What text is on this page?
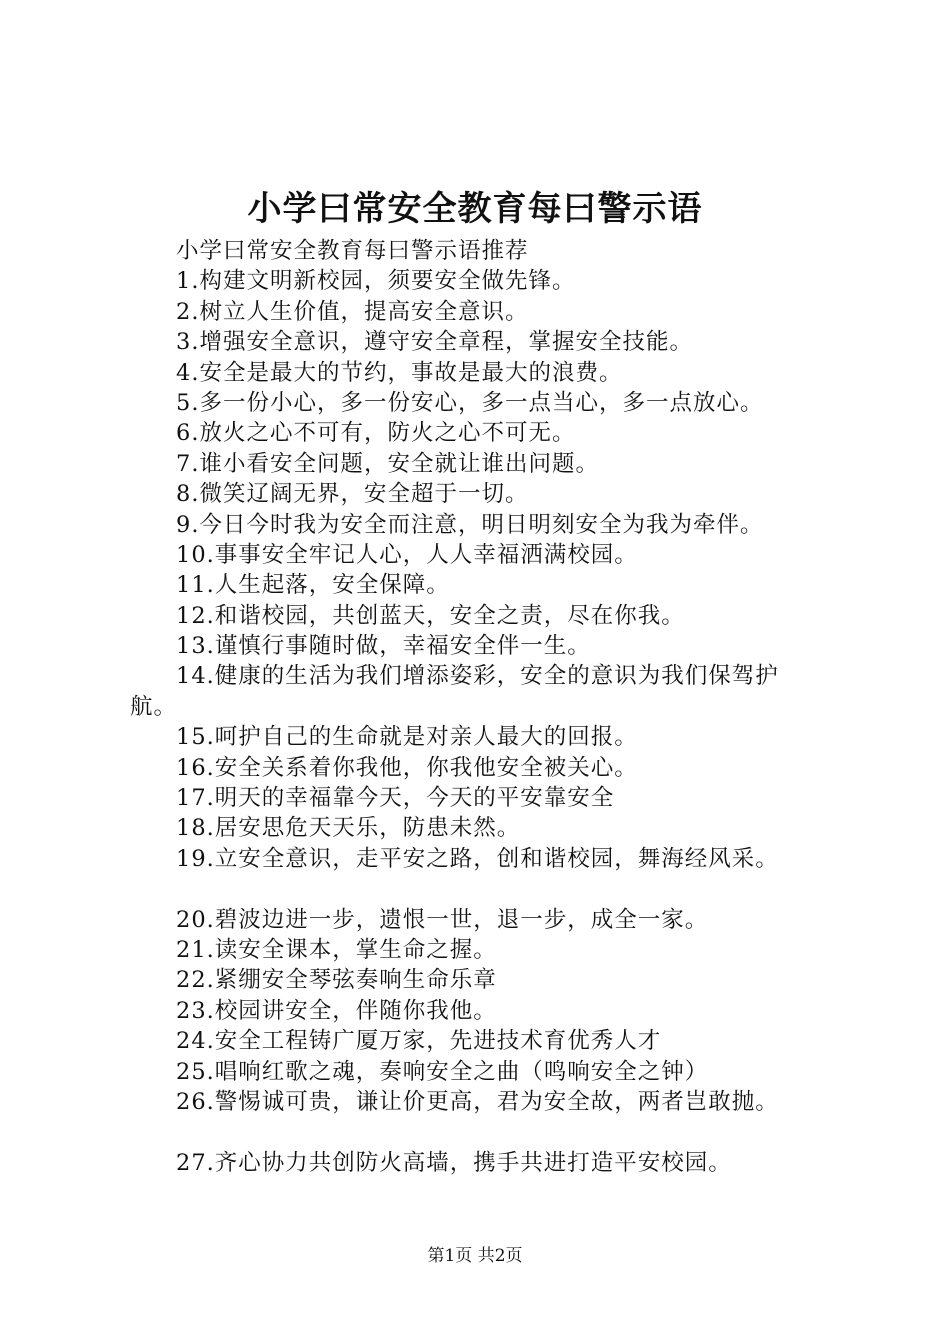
小学曰常安全教育每曰警示语
小学曰常安全教育每曰警示语推荐
1.构建文明新校园，须要安全做先锋。
2.树立人生价值，提高安全意识。
3.增强安全意识，遵守安全章程，掌握安全技能。
4.安全是最大的节约，事故是最大的浪费。
5.多一份小心，多一份安心，多一点当心，多一点放心。
6.放火之心不可有，防火之心不可无。
7.谁小看安全问题，安全就让谁出问题。
8.微笑辽阔无界，安全超于一切。
9.今日今时我为安全而注意，明日明刻安全为我为牵伴。
10.事事安全牢记人心，人人幸福洒满校园。
11.人生起落，安全保障。
12.和谐校园，共创蓝天，安全之责，尽在你我。
13.谨慎行事随时做，幸福安全伴一生。
14.健康的生活为我们增添姿彩，安全的意识为我们保驾护
航。
15.呵护自己的生命就是对亲人最大的回报。
16.安全关系着你我他，你我他安全被关心。
17.明天的幸福靠今天，今天的平安靠安全
18.居安思危天天乐，防患未然。
19.立安全意识，走平安之路，创和谐校园，舞海经风采。
20.碧波边进一步，遗恨一世，退一步，成全一家。
21.读安全课本，掌生命之握。
22.紧绷安全琴弦奏响生命乐章
23.校园讲安全，伴随你我他。
24.安全工程铸广厦万家，先进技术育优秀人才
25.唱响红歌之魂，奏响安全之曲（鸣响安全之钟）
26.警惕诚可贵，谦让价更高，君为安全故，两者岂敢抛。
27.齐心协力共创防火高墙，携手共进打造平安校园。
第1页 共2页
